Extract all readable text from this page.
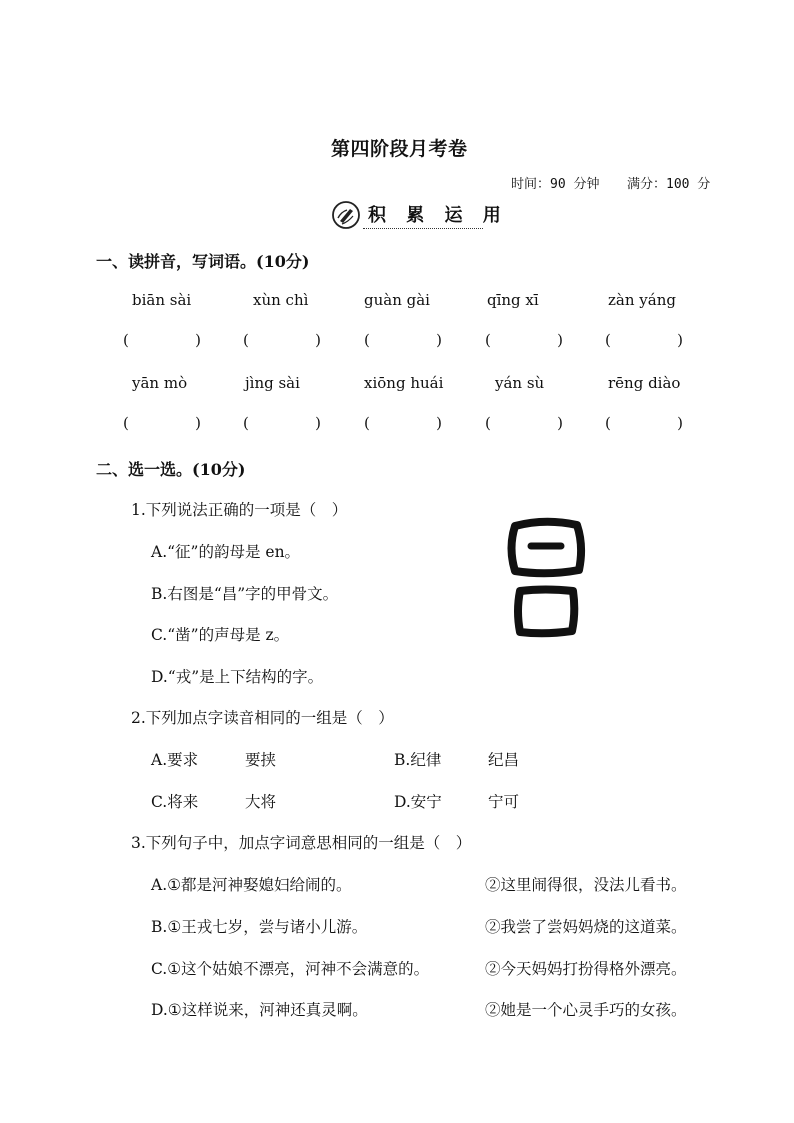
第四阶段月考卷
时间：90 分钟 满分：100 分
积 累 运 用
一、读拼音，写词语。(10分)
biān sài	xùn chì	guàn gài	qīng xī	zàn yáng
(	)	(	)	(	)	(	)	(	)
yān mò	jìng sài	xiōng huái	yán sù	rēng diào
(	)	(	)	(	)	(	)	(	)
二、选一选。(10分)
1.下列说法正确的一项是（　）
A.“征”的韵母是 en。
B.右图是“昌”字的甲骨文。
C.“凿”的声母是 z。
D.“戎”是上下结构的字。
2.下列加点字读音相同的一组是（　）
A.要求	要挟	B.纪律	纪昌
C.将来	大将	D.安宁	宁可
3.下列句子中，加点字词意思相同的一组是（　）
A.①都是河神娶媳妇给闹的。	②这里闹得很，没法儿看书。
B.①王戎七岁，尝与诸小儿游。	②我尝了尝妈妈烧的这道菜。
C.①这个姑娘不漂亮，河神不会满意的。	②今天妈妈打扮得格外漂亮。
D.①这样说来，河神还真灵啊。	②她是一个心灵手巧的女孩。
